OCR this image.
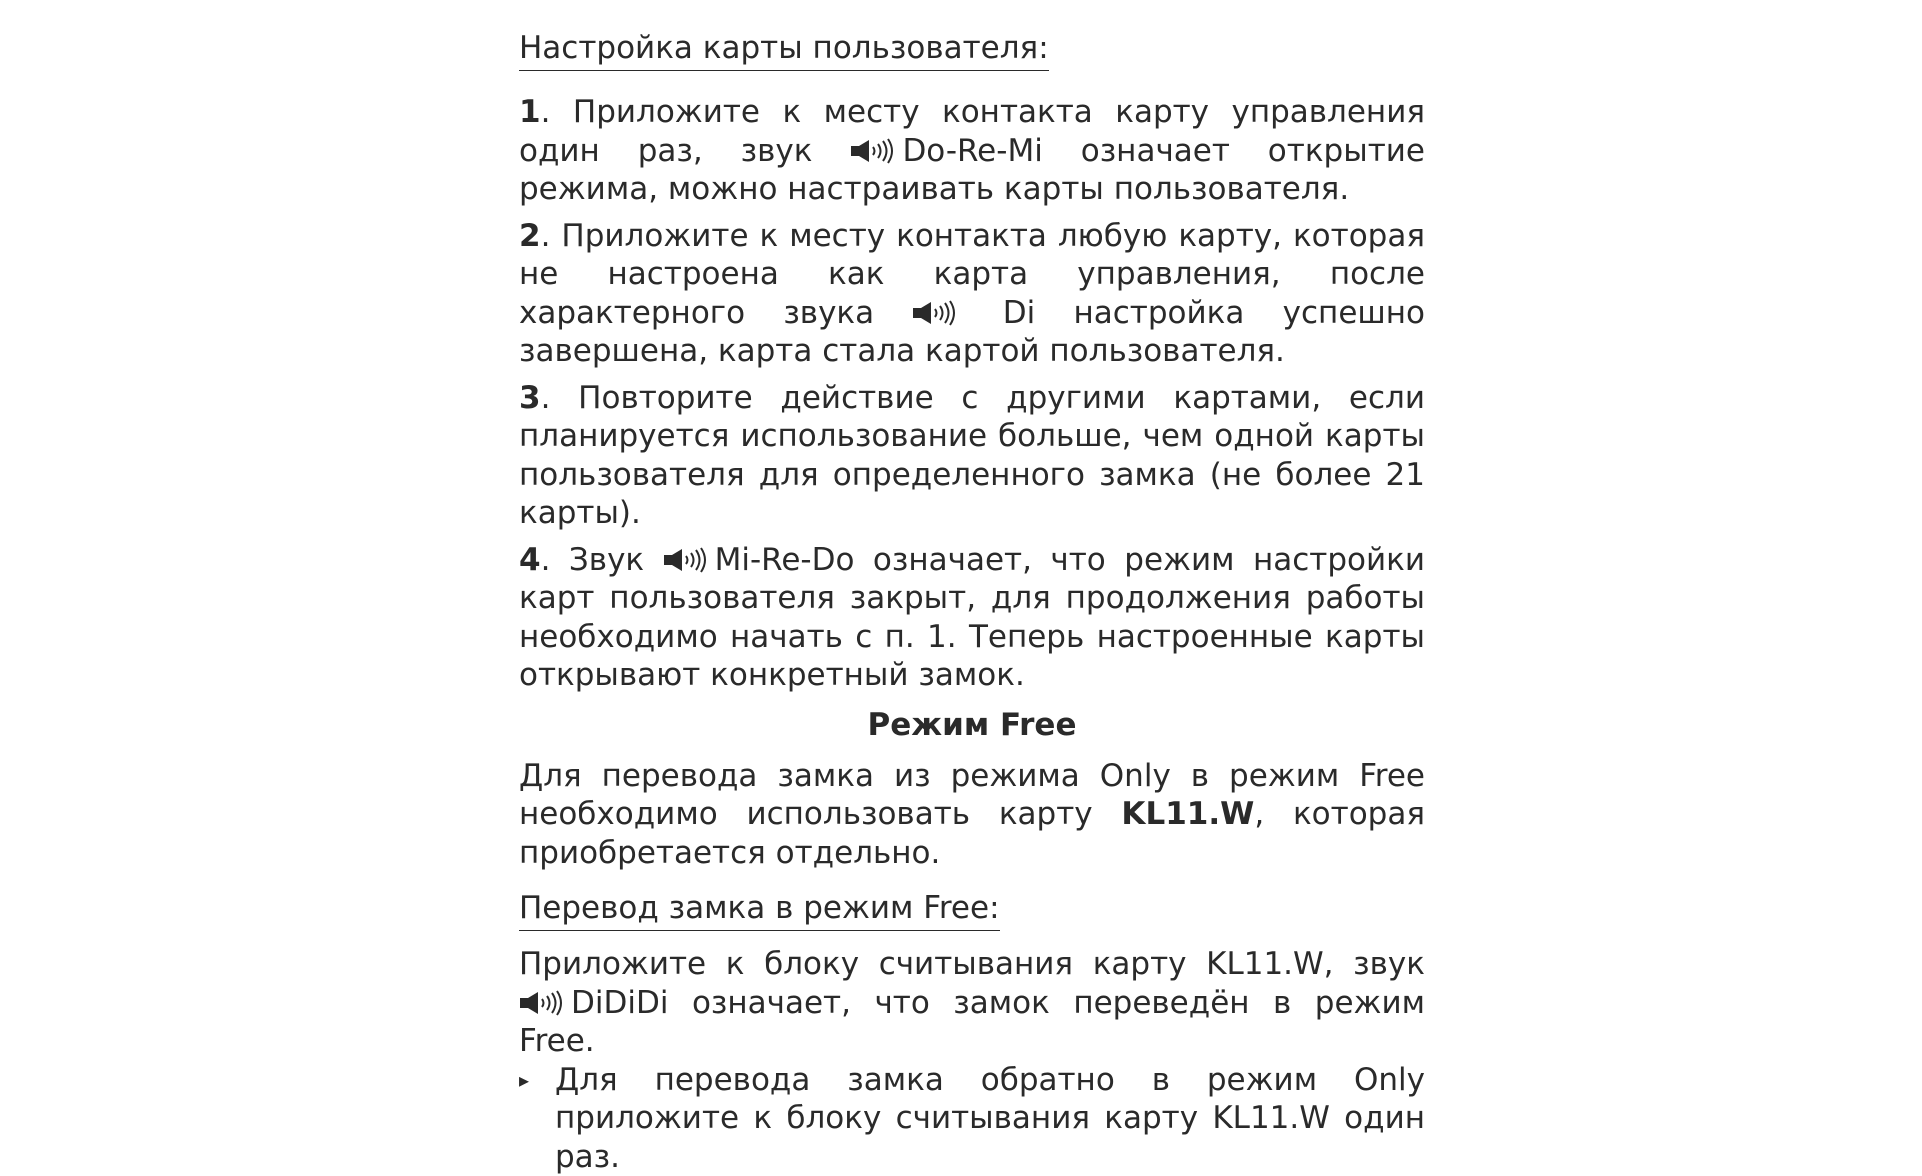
Настройка карты пользователя:

1. Приложите к месту контакта карту управления один раз, звук
Do-Re-Mi означает открытие режима, можно настраивать карты пользователя.

2. Приложите к месту контакта любую карту, которая не настроена как карта управления, после характерного звука
Di настройка успешно завершена, карта стала картой пользователя.

3. Повторите действие с другими картами, если планируется использование больше, чем одной карты пользователя для определенного замка (не более 21 карты).

4. Звук
Mi-Re-Do означает, что режим настройки карт пользователя закрыт, для продолжения работы необходимо начать с п. 1. Теперь настроенные карты открывают конкретный замок.

Режим Free

Для перевода замка из режима Only в режим Free необходимо использовать карту KL11.W, которая приобретается отдельно.

Перевод замка в режим Free:

Приложите к блоку считывания карту KL11.W, звук
DiDiDi означает, что замок переведён в режим Free.

▸ Для перевода замка обратно в режим Only приложите к блоку считывания карту KL11.W один раз.
